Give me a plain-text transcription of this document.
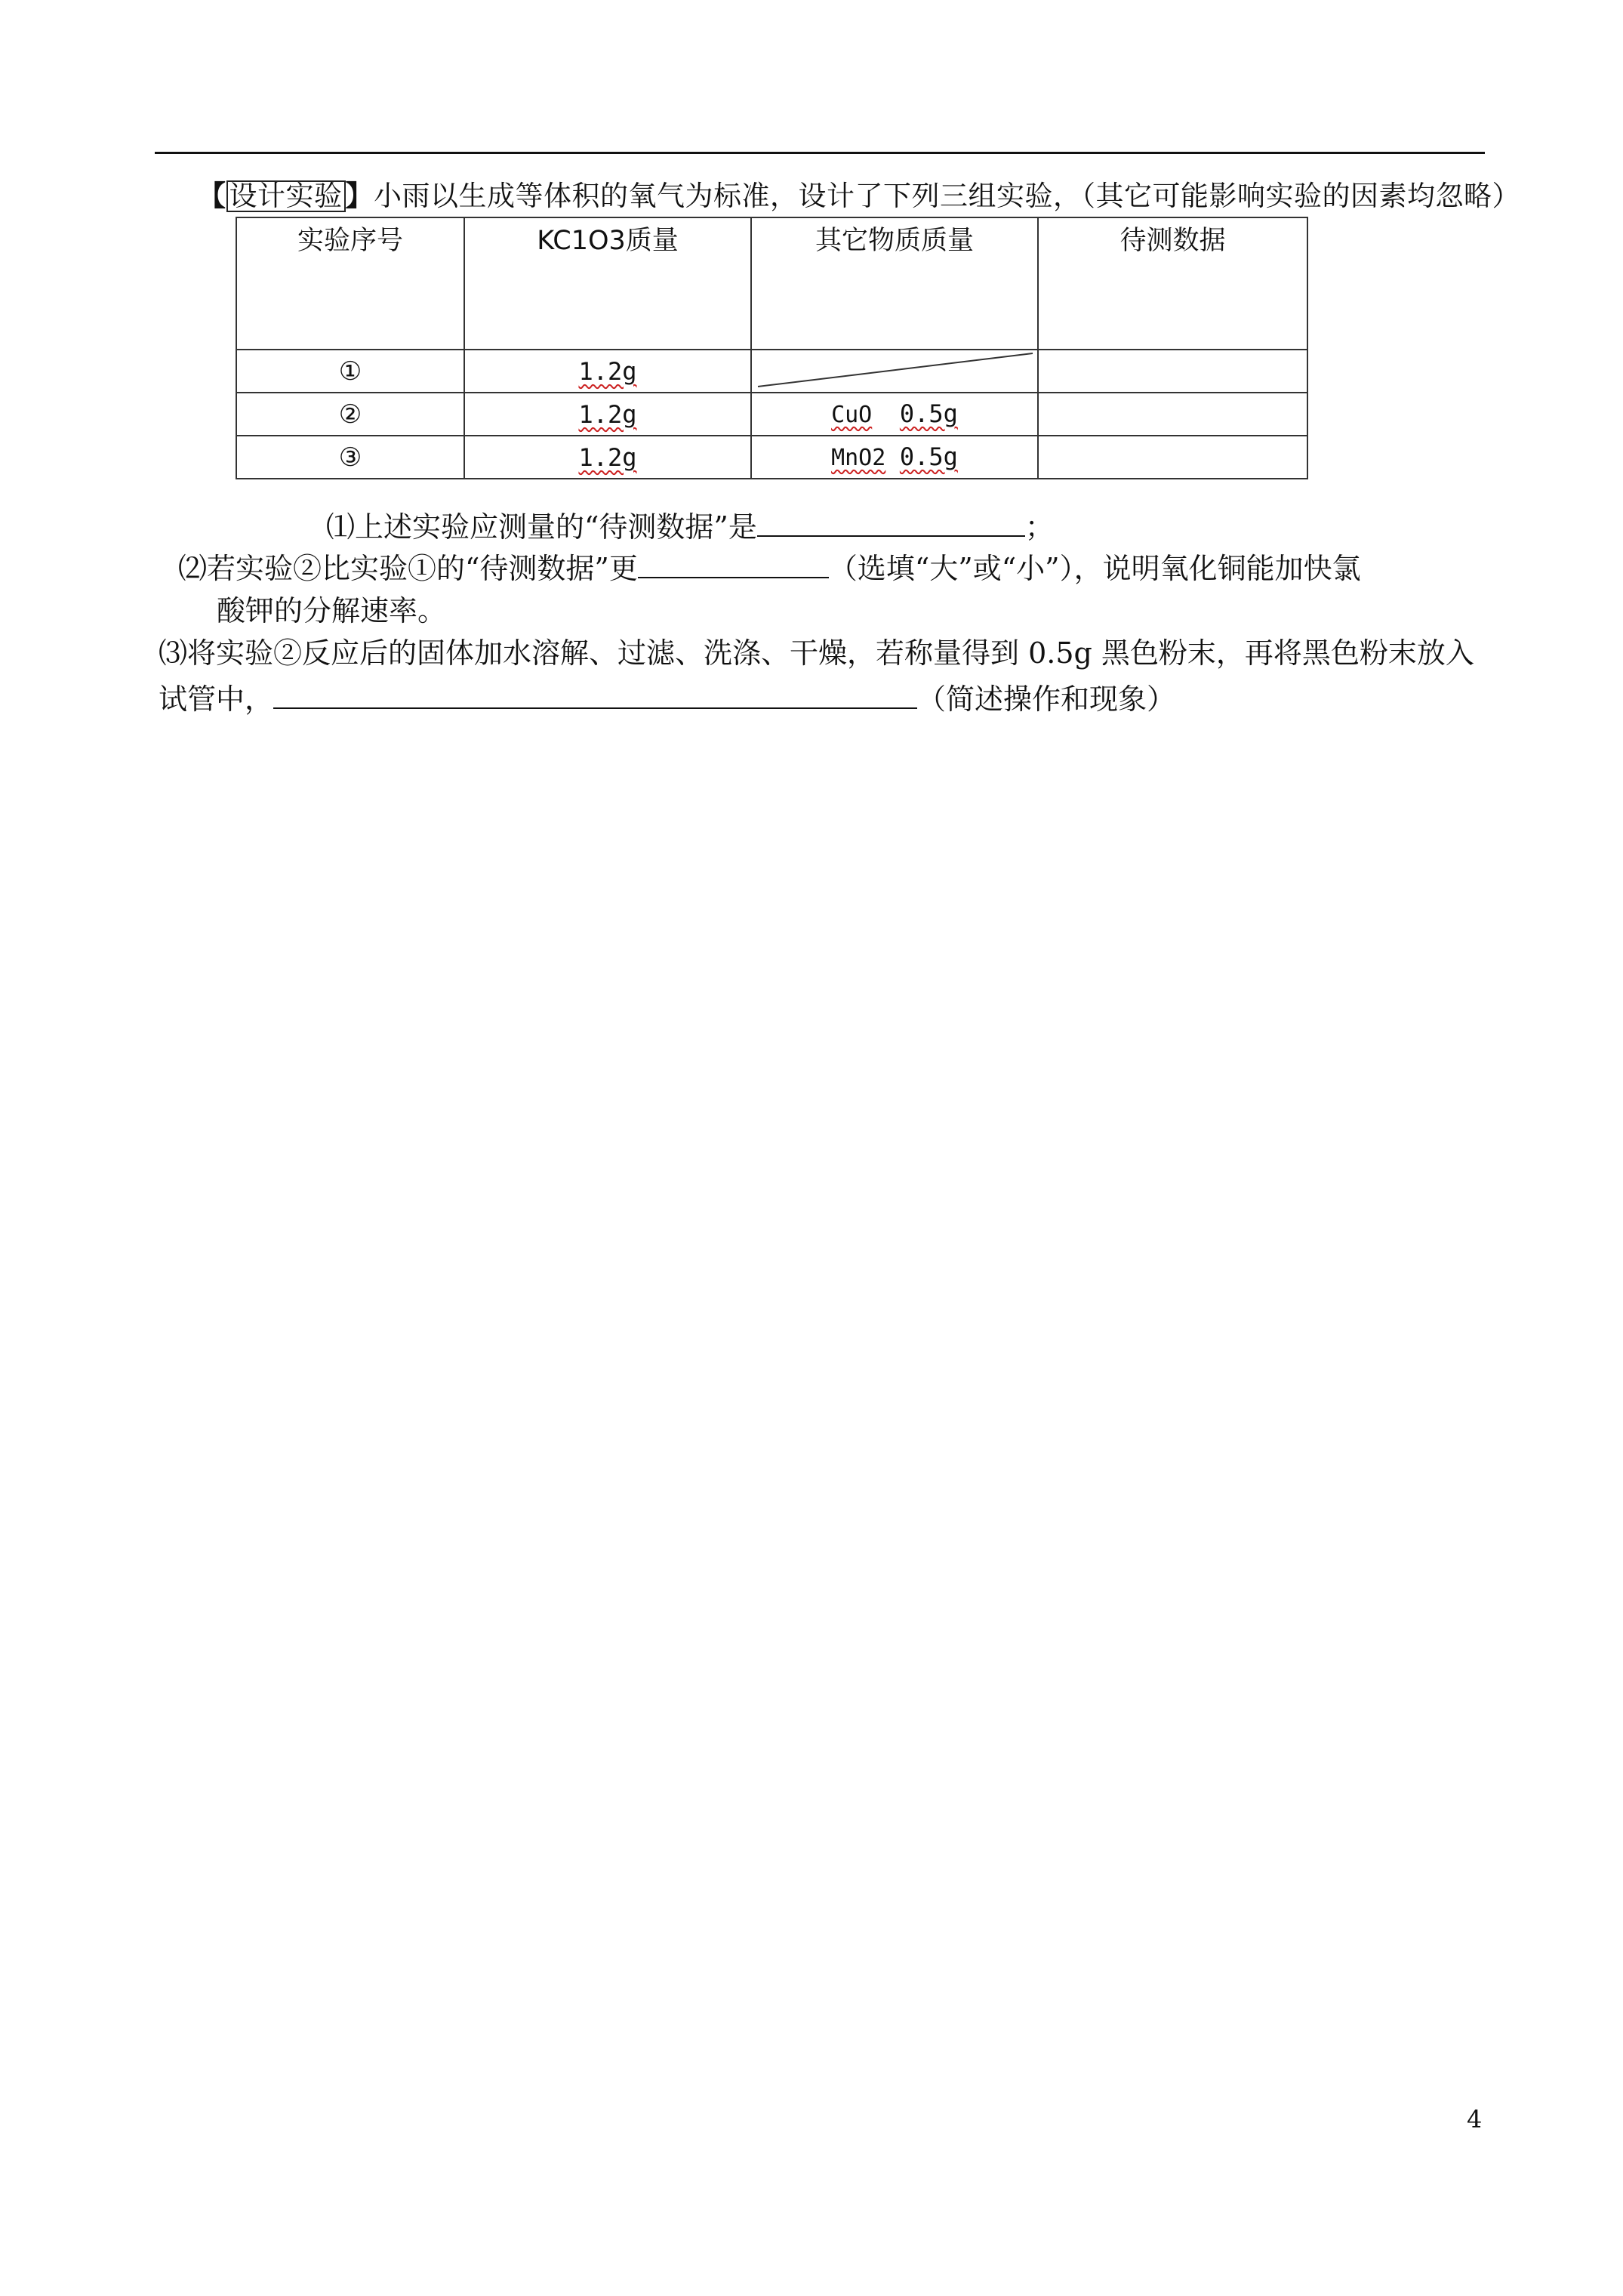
【 设计实验 】小雨以生成等体积的氧气为标准，设计了下列三组实验，（其它可能影响实验的因素均忽略）
实验序号	KC1O3质量	其它物质质量	待测数据
①	1.2g	

②	1.2g	CuO 0.5g	
③	1.2g	MnO2 0.5g	
⑴上述实验应测量的“待测数据”是	；
⑵若实验②比实验①的“待测数据”更	（选填“大”或“小”），说明氧化铜能加快氯
酸钾的分解速率。
⑶将实验②反应后的固体加水溶解、过滤、洗涤、干燥，若称量得到 0.5g 黑色粉末，再将黑色粉末放入
试管中，	（简述操作和现象）
4
